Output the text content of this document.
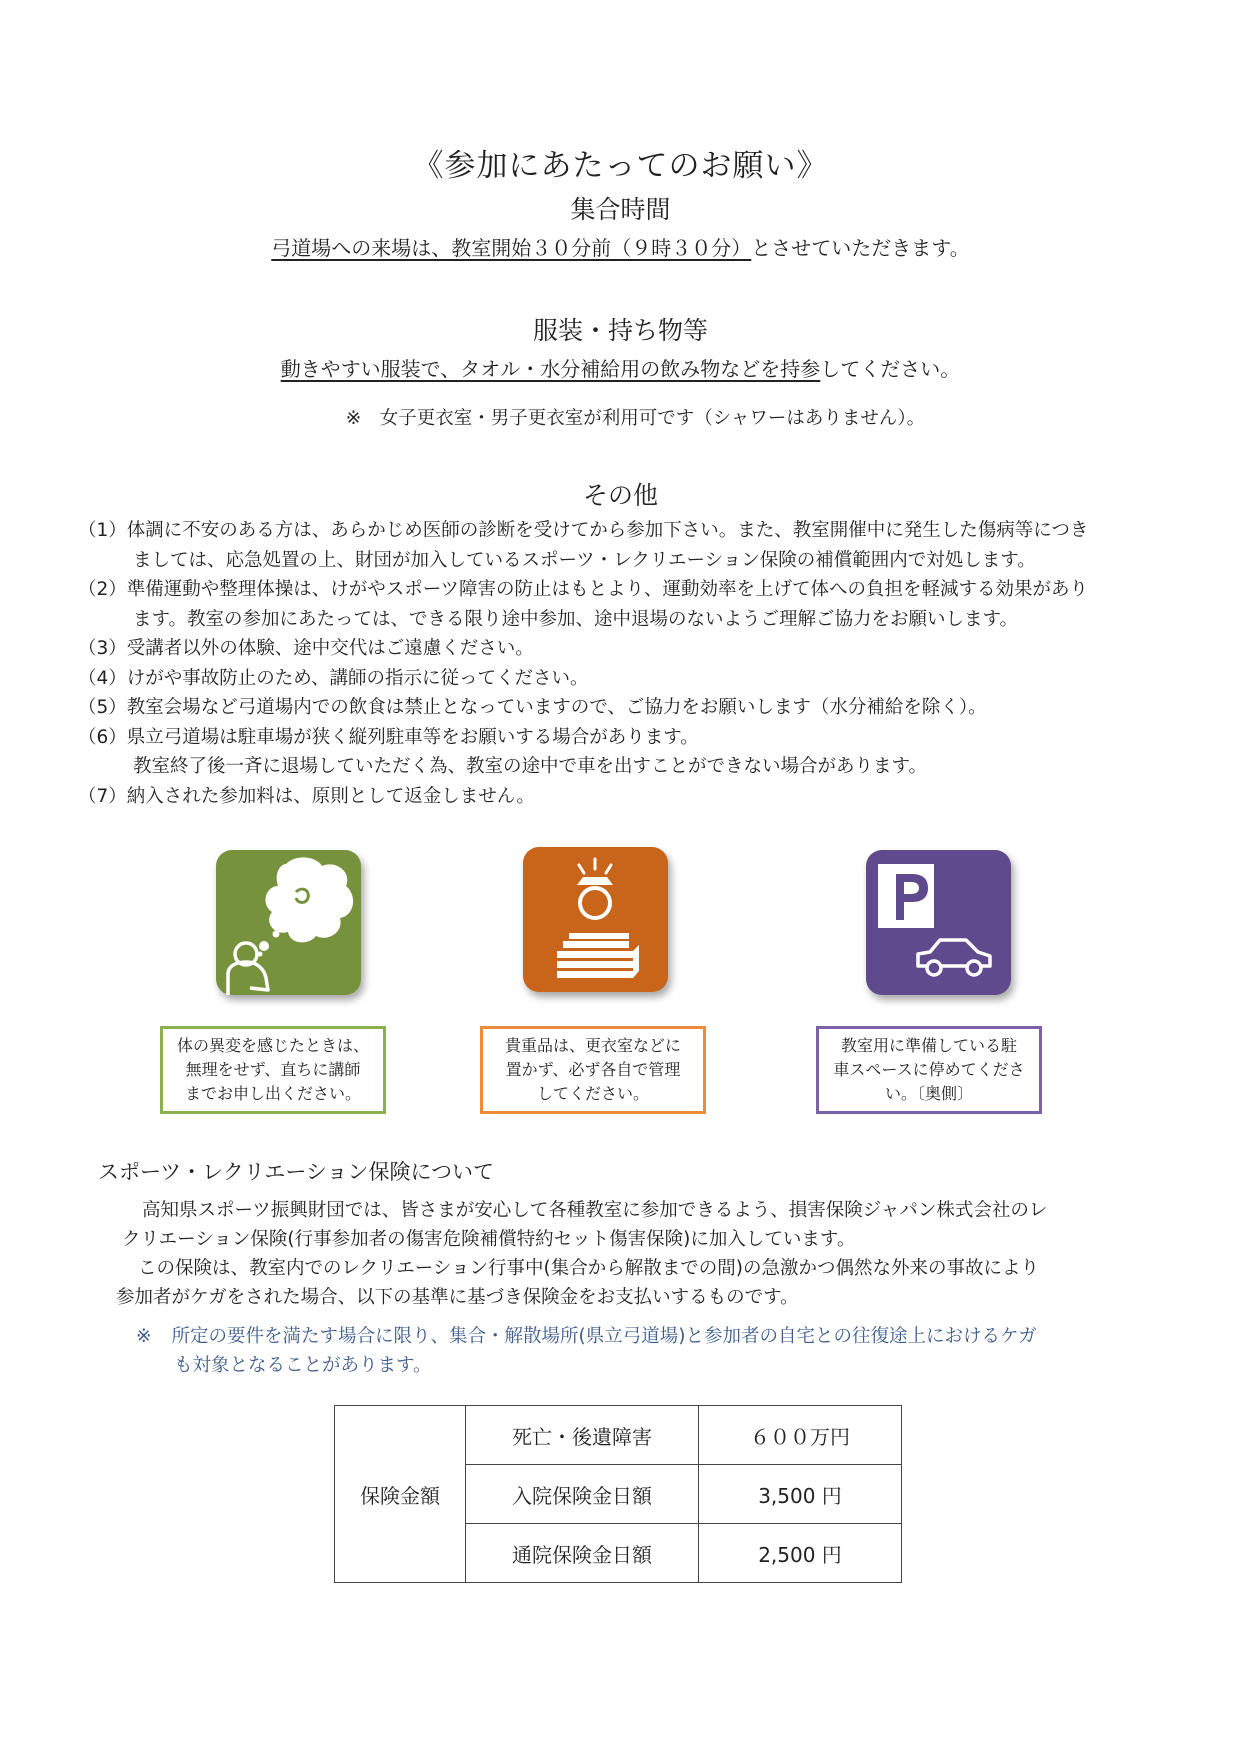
《参加にあたってのお願い》
集合時間
弓道場への来場は、教室開始３０分前（９時３０分）とさせていただきます。
服装・持ち物等
動きやすい服装で、タオル・水分補給用の飲み物などを持参してください。
※　女子更衣室・男子更衣室が利用可です（シャワーはありません）。
その他
（1）体調に不安のある方は、あらかじめ医師の診断を受けてから参加下さい。また、教室開催中に発生した傷病等につき
ましては、応急処置の上、財団が加入しているスポーツ・レクリエーション保険の補償範囲内で対処します。
（2）準備運動や整理体操は、けがやスポーツ障害の防止はもとより、運動効率を上げて体への負担を軽減する効果があり
ます。教室の参加にあたっては、できる限り途中参加、途中退場のないようご理解ご協力をお願いします。
（3）受講者以外の体験、途中交代はご遠慮ください。
（4）けがや事故防止のため、講師の指示に従ってください。
（5）教室会場など弓道場内での飲食は禁止となっていますので、ご協力をお願いします（水分補給を除く）。
（6）県立弓道場は駐車場が狭く縦列駐車等をお願いする場合があります。
教室終了後一斉に退場していただく為、教室の途中で車を出すことができない場合があります。
（7）納入された参加料は、原則として返金しません。
体の異変を感じたときは、
無理をせず、直ちに講師
までお申し出ください。
貴重品は、更衣室などに
置かず、必ず各自で管理
してください。
教室用に準備している駐
車スペースに停めてくださ
い。〔奥側〕
スポーツ・レクリエーション保険について
高知県スポーツ振興財団では、皆さまが安心して各種教室に参加できるよう、損害保険ジャパン株式会社のレ
クリエーション保険(行事参加者の傷害危険補償特約セット傷害保険)に加入しています。
この保険は、教室内でのレクリエーション行事中(集合から解散までの間)の急激かつ偶然な外来の事故により
参加者がケガをされた場合、以下の基準に基づき保険金をお支払いするものです。
※ 所定の要件を満たす場合に限り、集合・解散場所(県立弓道場)と参加者の自宅との往復途上におけるケガ
も対象となることがあります。
保険金額	死亡・後遺障害	６００万円
	入院保険金日額	3,500 円
	通院保険金日額	2,500 円
